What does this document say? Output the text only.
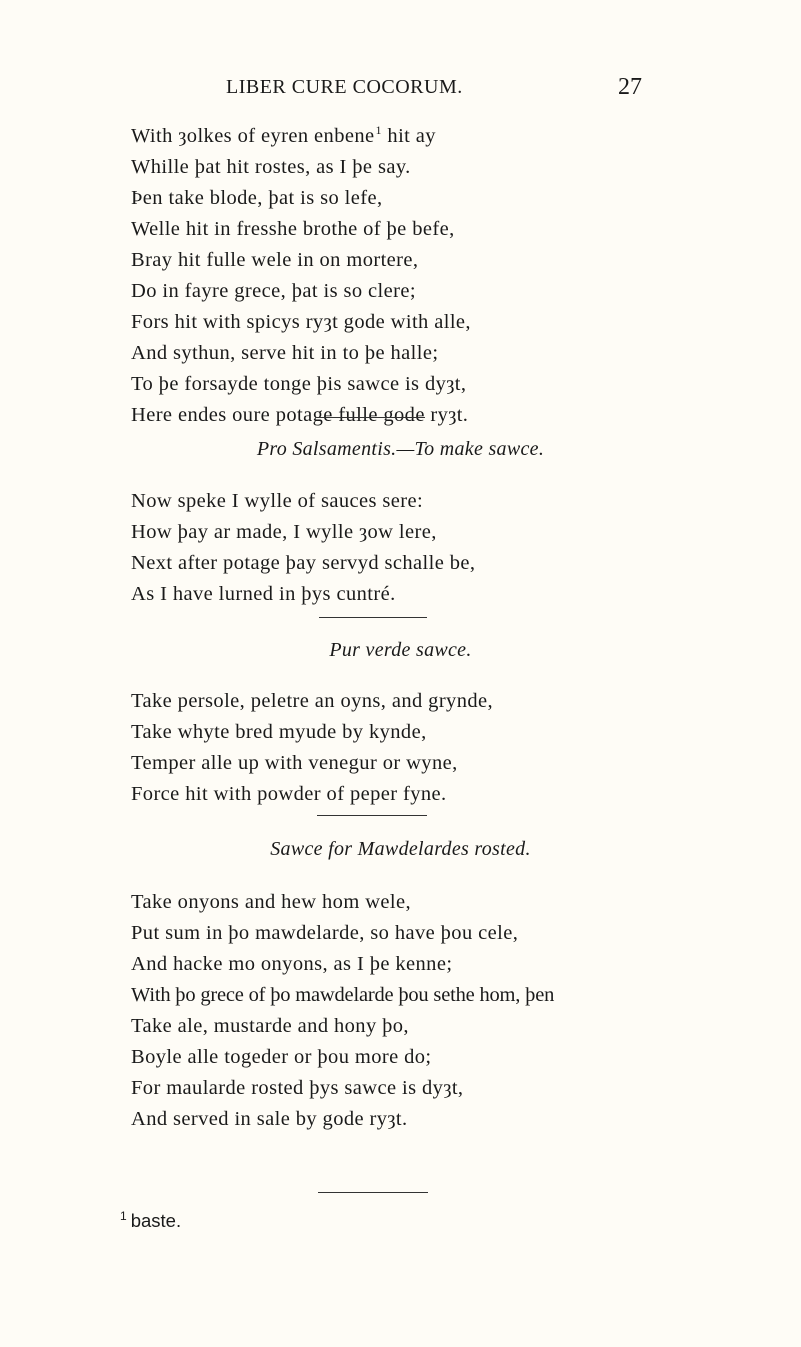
LIBER CURE COCORUM.	27
With ȝolkes of eyren enbene$^1$ hit ay
Whille þat hit rostes, as I þe say.
Þen take blode, þat is so lefe,
Welle hit in fresshe brothe of þe befe,
Bray hit fulle wele in on mortere,
Do in fayre grece, þat is so clere;
Fors hit with spicys ryȝt gode with alle,
And sythun, serve hit in to þe halle;
To þe forsayde tonge þis sawce is dyȝt,
Here endes oure potage fulle gode ryȝt.
Pro Salsamentis.—To make sawce.
Now speke I wylle of sauces sere:
How þay ar made, I wylle ȝow lere,
Next after potage þay servyd schalle be,
As I have lurned in þys cuntré.
Pur verde sawce.
Take persole, peletre an oyns, and grynde,
Take whyte bred myude by kynde,
Temper alle up with venegur or wyne,
Force hit with powder of peper fyne.
Sawce for Mawdelardes rosted.
Take onyons and hew hom wele,
Put sum in þo mawdelarde, so have þou cele,
And hacke mo onyons, as I þe kenne;
With þo grece of þo mawdelarde þou sethe hom, þen
Take ale, mustarde and hony þo,
Boyle alle togeder or þou more do;
For maularde rosted þys sawce is dyȝt,
And served in sale by gode ryȝt.
$^1$ baste.
